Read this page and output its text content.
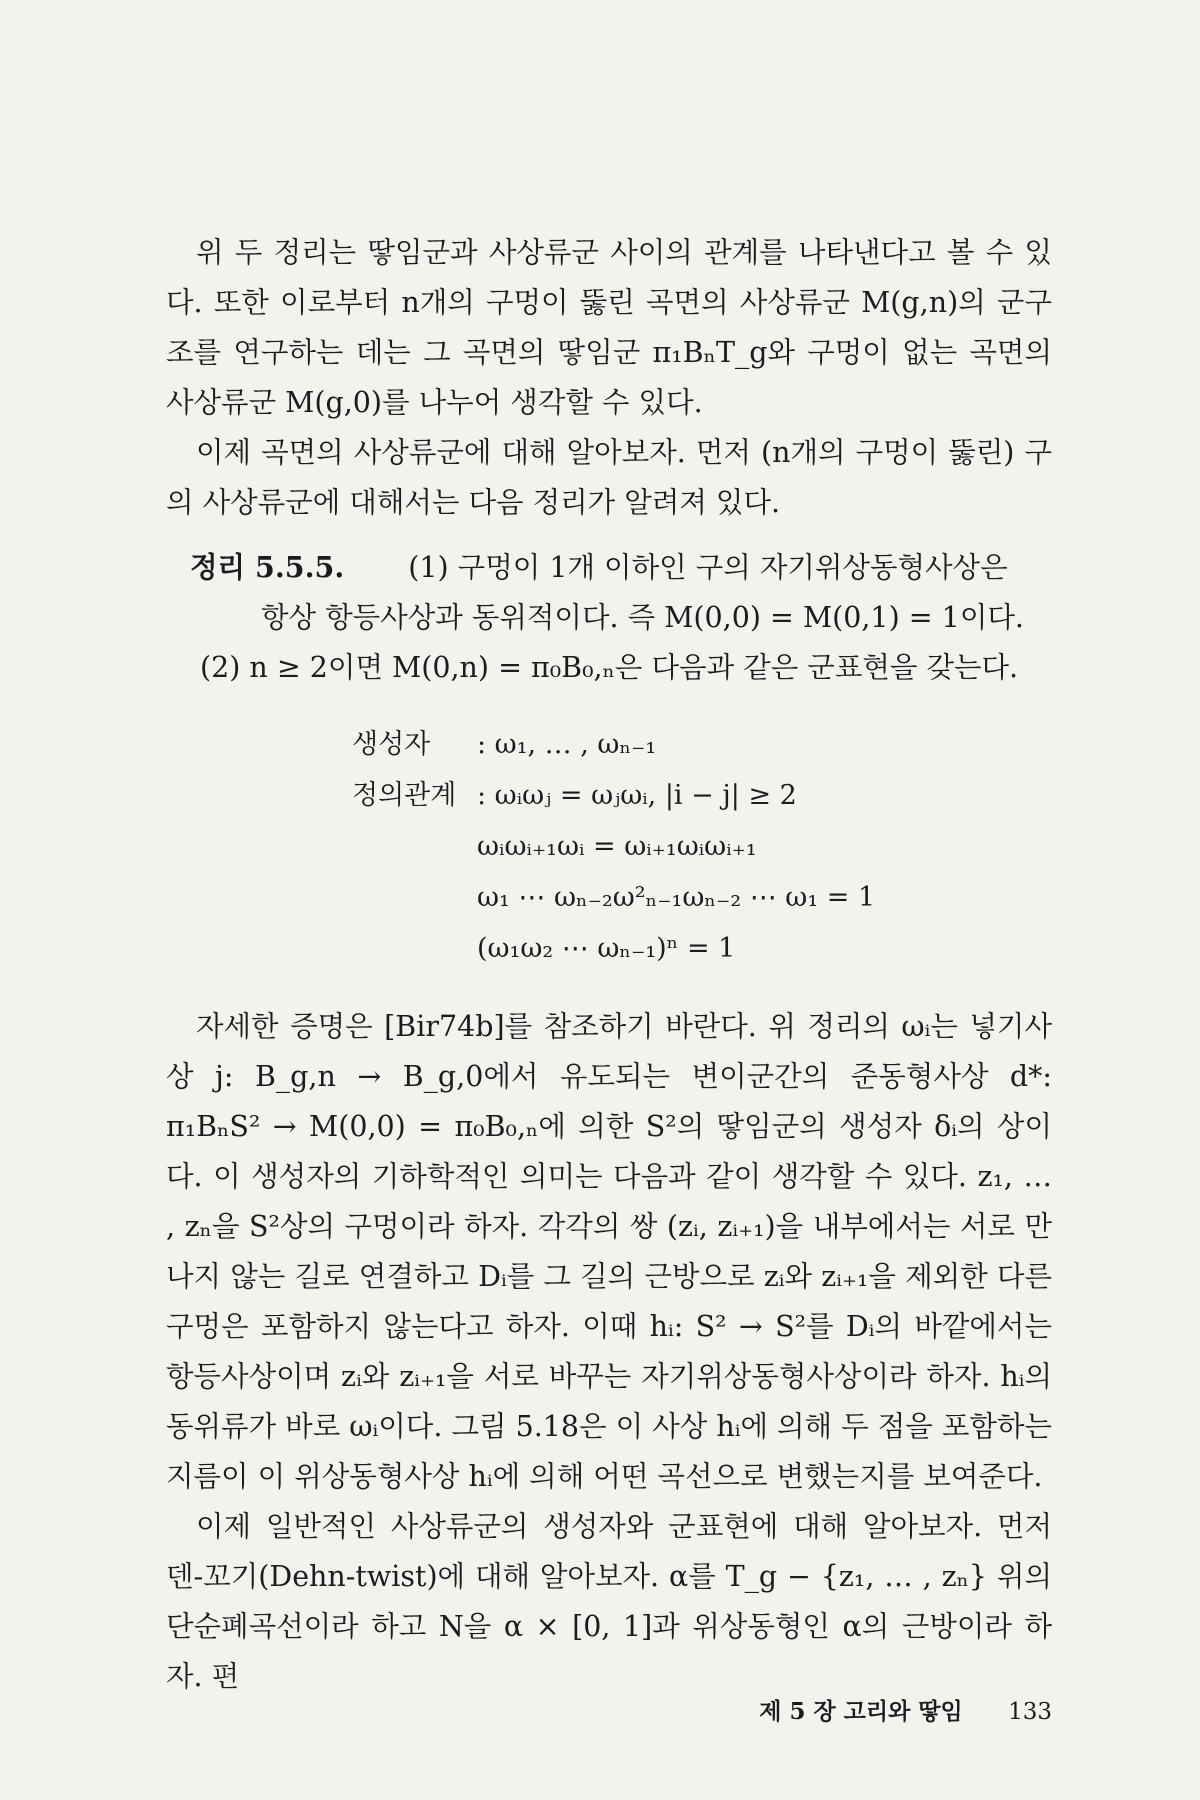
위 두 정리는 땋임군과 사상류군 사이의 관계를 나타낸다고 볼 수 있다. 또한 이로부터 n개의 구멍이 뚫린 곡면의 사상류군 M(g,n)의 군구조를 연구하는 데는 그 곡면의 땋임군 π₁BₙT_g와 구멍이 없는 곡면의 사상류군 M(g,0)를 나누어 생각할 수 있다.

이제 곡면의 사상류군에 대해 알아보자. 먼저 (n개의 구멍이 뚫린) 구의 사상류군에 대해서는 다음 정리가 알려져 있다.

정리 5.5.5. (1) 구멍이 1개 이하인 구의 자기위상동형사상은
항상 항등사상과 동위적이다. 즉 M(0,0) = M(0,1) = 1이다.
(2) n ≥ 2이면 M(0,n) = π₀B₀,ₙ은 다음과 같은 군표현을 갖는다.
생성자	: ω₁, … , ωₙ₋₁
정의관계 : ωᵢωⱼ = ωⱼωᵢ, |i − j| ≥ 2
ωᵢωᵢ₊₁ωᵢ = ωᵢ₊₁ωᵢωᵢ₊₁
ω₁ ⋯ ωₙ₋₂ω²ₙ₋₁ωₙ₋₂ ⋯ ω₁ = 1
(ω₁ω₂ ⋯ ωₙ₋₁)ⁿ = 1

자세한 증명은 [Bir74b]를 참조하기 바란다. 위 정리의 ωᵢ는 넣기사상 j: B_g,n → B_g,0에서 유도되는 변이군간의 준동형사상 d*: π₁BₙS² → M(0,0) = π₀B₀,ₙ에 의한 S²의 땋임군의 생성자 δᵢ의 상이다. 이 생성자의 기하학적인 의미는 다음과 같이 생각할 수 있다. z₁, … , zₙ을 S²상의 구멍이라 하자. 각각의 쌍 (zᵢ, zᵢ₊₁)을 내부에서는 서로 만나지 않는 길로 연결하고 Dᵢ를 그 길의 근방으로 zᵢ와 zᵢ₊₁을 제외한 다른 구멍은 포함하지 않는다고 하자. 이때 hᵢ: S² → S²를 Dᵢ의 바깥에서는 항등사상이며 zᵢ와 zᵢ₊₁을 서로 바꾸는 자기위상동형사상이라 하자. hᵢ의 동위류가 바로 ωᵢ이다. 그림 5.18은 이 사상 hᵢ에 의해 두 점을 포함하는 지름이 이 위상동형사상 hᵢ에 의해 어떤 곡선으로 변했는지를 보여준다.

이제 일반적인 사상류군의 생성자와 군표현에 대해 알아보자. 먼저 덴-꼬기(Dehn-twist)에 대해 알아보자. α를 T_g − {z₁, … , zₙ} 위의 단순폐곡선이라 하고 N을 α × [0, 1]과 위상동형인 α의 근방이라 하자. 편

제 5 장 고리와 땋임 133
